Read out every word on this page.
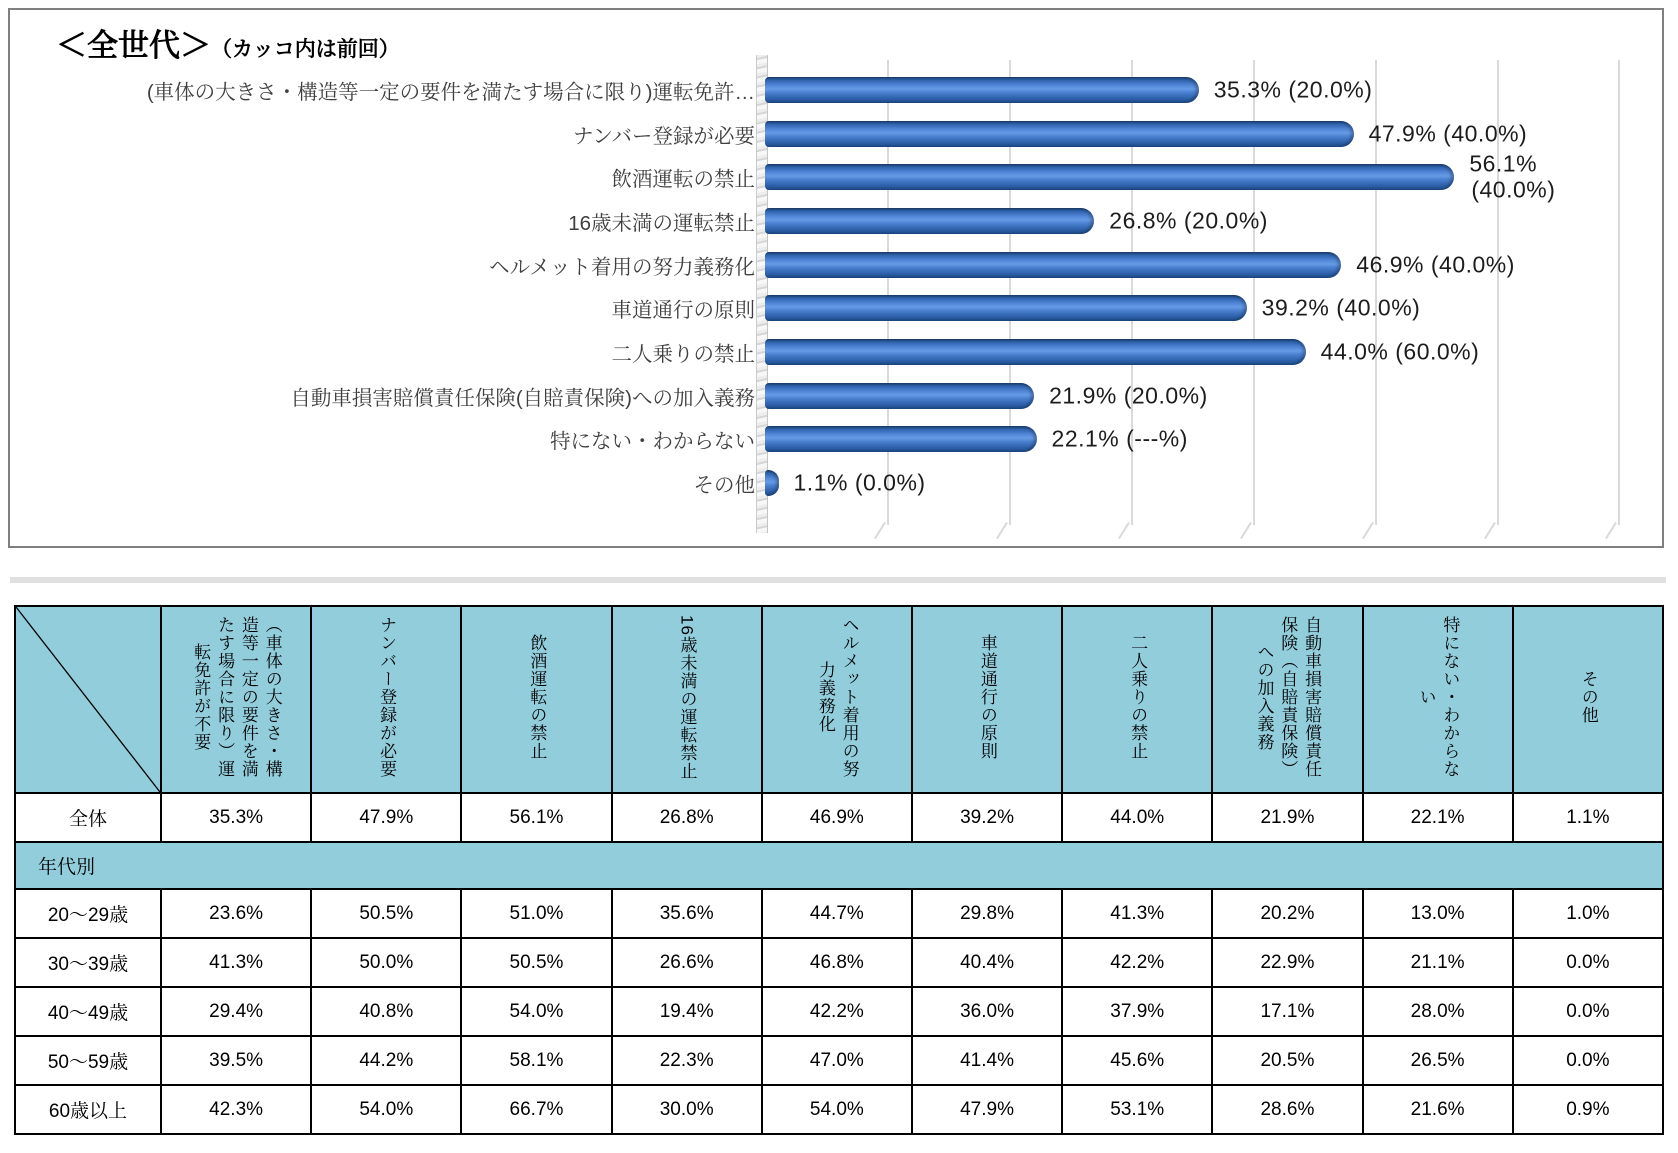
＜全世代＞（カッコ内は前回）
(車体の大きさ・構造等一定の要件を満たす場合に限り)運転免許…	35.3% (20.0%)
ナンバー登録が必要	47.9% (40.0%)
飲酒運転の禁止
56.1%
(40.0%)
16歳未満の運転禁止	26.8% (20.0%)
ヘルメット着用の努力義務化	46.9% (40.0%)
車道通行の原則	39.2% (40.0%)
二人乗りの禁止	44.0% (60.0%)
自動車損害賠償責任保険(自賠責保険)への加入義務	21.9% (20.0%)
特にない・わからない	22.1% (---%)
その他	1.1% (0.0%)
	（車体の大きさ・構造等一定の要件を満たす場合に限り）運転免許が不要	ナンバー登録が必要	飲酒運転の禁止	16歳未満の運転禁止	ヘルメット着用の努力義務化	車道通行の原則	二人乗りの禁止	自動車損害賠償責任保険（自賠責保険）への加入義務	特にない・わからない	その他
全体	35.3%	47.9%	56.1%	26.8%	46.9%	39.2%	44.0%	21.9%	22.1%	1.1%
年代別										
20～29歳	23.6%	50.5%	51.0%	35.6%	44.7%	29.8%	41.3%	20.2%	13.0%	1.0%
30～39歳	41.3%	50.0%	50.5%	26.6%	46.8%	40.4%	42.2%	22.9%	21.1%	0.0%
40～49歳	29.4%	40.8%	54.0%	19.4%	42.2%	36.0%	37.9%	17.1%	28.0%	0.0%
50～59歳	39.5%	44.2%	58.1%	22.3%	47.0%	41.4%	45.6%	20.5%	26.5%	0.0%
60歳以上	42.3%	54.0%	66.7%	30.0%	54.0%	47.9%	53.1%	28.6%	21.6%	0.9%
